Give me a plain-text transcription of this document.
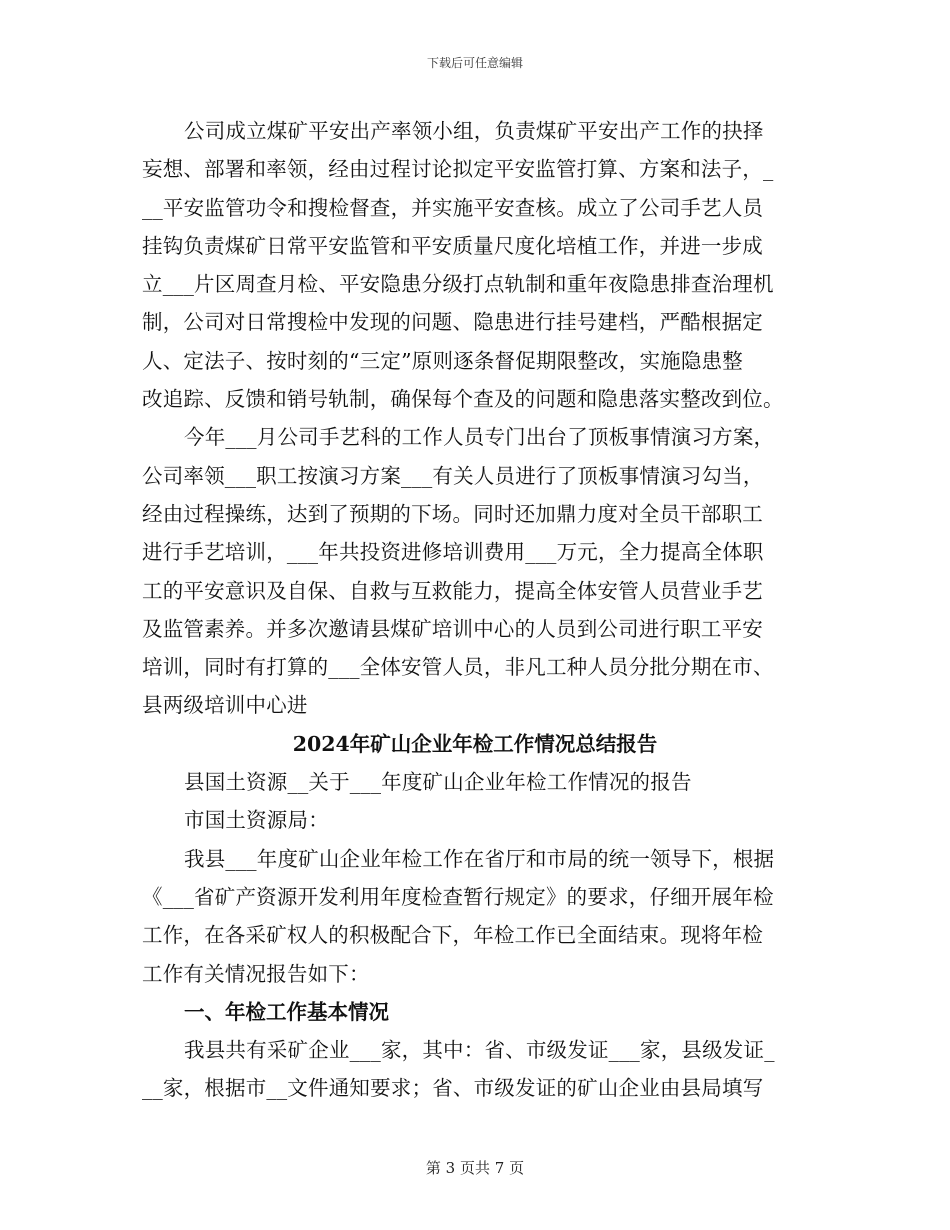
下载后可任意编辑
公司成立煤矿平安出产率领小组，负责煤矿平安出产工作的抉择
妄想、部署和率领，经由过程讨论拟定平安监管打算、方案和法子，_
__平安监管功令和搜检督查，并实施平安查核。成立了公司手艺人员
挂钩负责煤矿日常平安监管和平安质量尺度化培植工作，并进一步成
立___片区周查月检、平安隐患分级打点轨制和重年夜隐患排查治理机
制，公司对日常搜检中发现的问题、隐患进行挂号建档，严酷根据定
人、定法子、按时刻的“三定”原则逐条督促期限整改，实施隐患整
改追踪、反馈和销号轨制，确保每个查及的问题和隐患落实整改到位。
今年___月公司手艺科的工作人员专门出台了顶板事情演习方案，
公司率领___职工按演习方案___有关人员进行了顶板事情演习勾当，
经由过程操练，达到了预期的下场。同时还加鼎力度对全员干部职工
进行手艺培训，___年共投资进修培训费用___万元，全力提高全体职
工的平安意识及自保、自救与互救能力，提高全体安管人员营业手艺
及监管素养。并多次邀请县煤矿培训中心的人员到公司进行职工平安
培训，同时有打算的___全体安管人员，非凡工种人员分批分期在市、
县两级培训中心进
2024年矿山企业年检工作情况总结报告
县国土资源__关于___年度矿山企业年检工作情况的报告
市国土资源局：
我县___年度矿山企业年检工作在省厅和市局的统一领导下，根据
《___省矿产资源开发利用年度检查暂行规定》的要求，仔细开展年检
工作，在各采矿权人的积极配合下，年检工作已全面结束。现将年检
工作有关情况报告如下：
一、年检工作基本情况
我县共有采矿企业___家，其中：省、市级发证___家，县级发证_
__家，根据市__文件通知要求；省、市级发证的矿山企业由县局填写
第 3 页共 7 页
